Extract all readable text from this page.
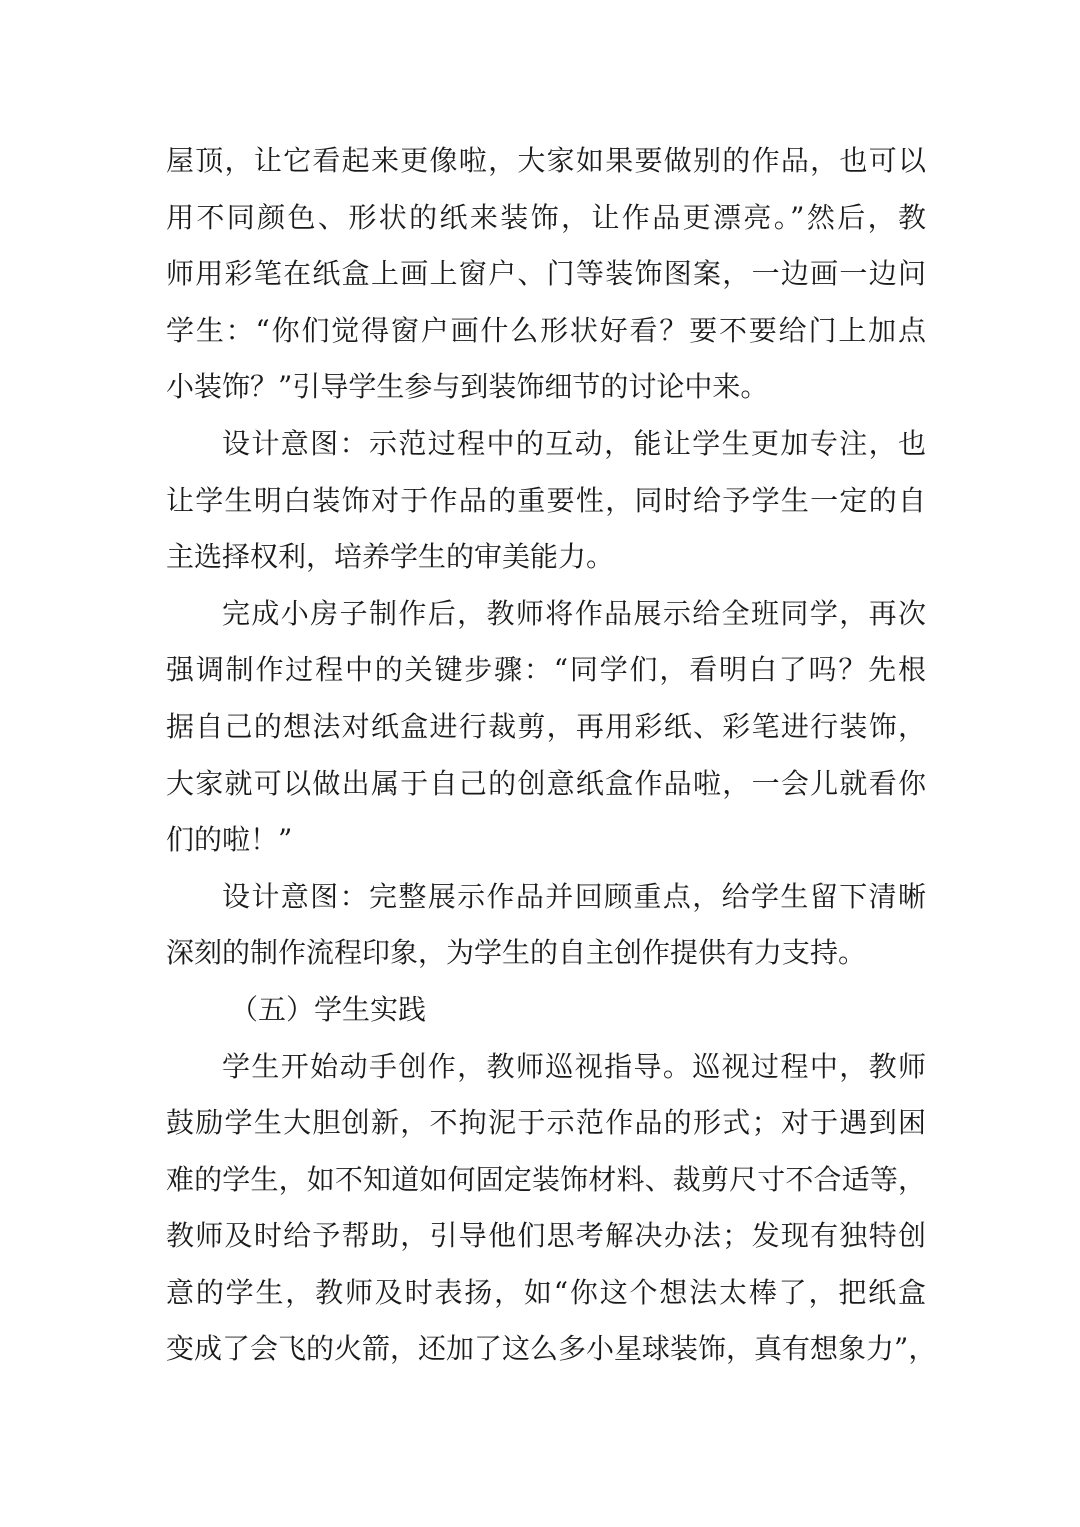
屋顶，让它看起来更像啦，大家如果要做别的作品，也可以
用不同颜色、形状的纸来装饰，让作品更漂亮。”然后，教
师用彩笔在纸盒上画上窗户、门等装饰图案，一边画一边问
学生：“你们觉得窗户画什么形状好看？要不要给门上加点
小装饰？”引导学生参与到装饰细节的讨论中来。
设计意图：示范过程中的互动，能让学生更加专注，也
让学生明白装饰对于作品的重要性，同时给予学生一定的自
主选择权利，培养学生的审美能力。
完成小房子制作后，教师将作品展示给全班同学，再次
强调制作过程中的关键步骤：“同学们，看明白了吗？先根
据自己的想法对纸盒进行裁剪，再用彩纸、彩笔进行装饰，
大家就可以做出属于自己的创意纸盒作品啦，一会儿就看你
们的啦！”
设计意图：完整展示作品并回顾重点，给学生留下清晰
深刻的制作流程印象，为学生的自主创作提供有力支持。
（五）学生实践
学生开始动手创作，教师巡视指导。巡视过程中，教师
鼓励学生大胆创新，不拘泥于示范作品的形式；对于遇到困
难的学生，如不知道如何固定装饰材料、裁剪尺寸不合适等，
教师及时给予帮助，引导他们思考解决办法；发现有独特创
意的学生，教师及时表扬，如“你这个想法太棒了，把纸盒
变成了会飞的火箭，还加了这么多小星球装饰，真有想象力”，
